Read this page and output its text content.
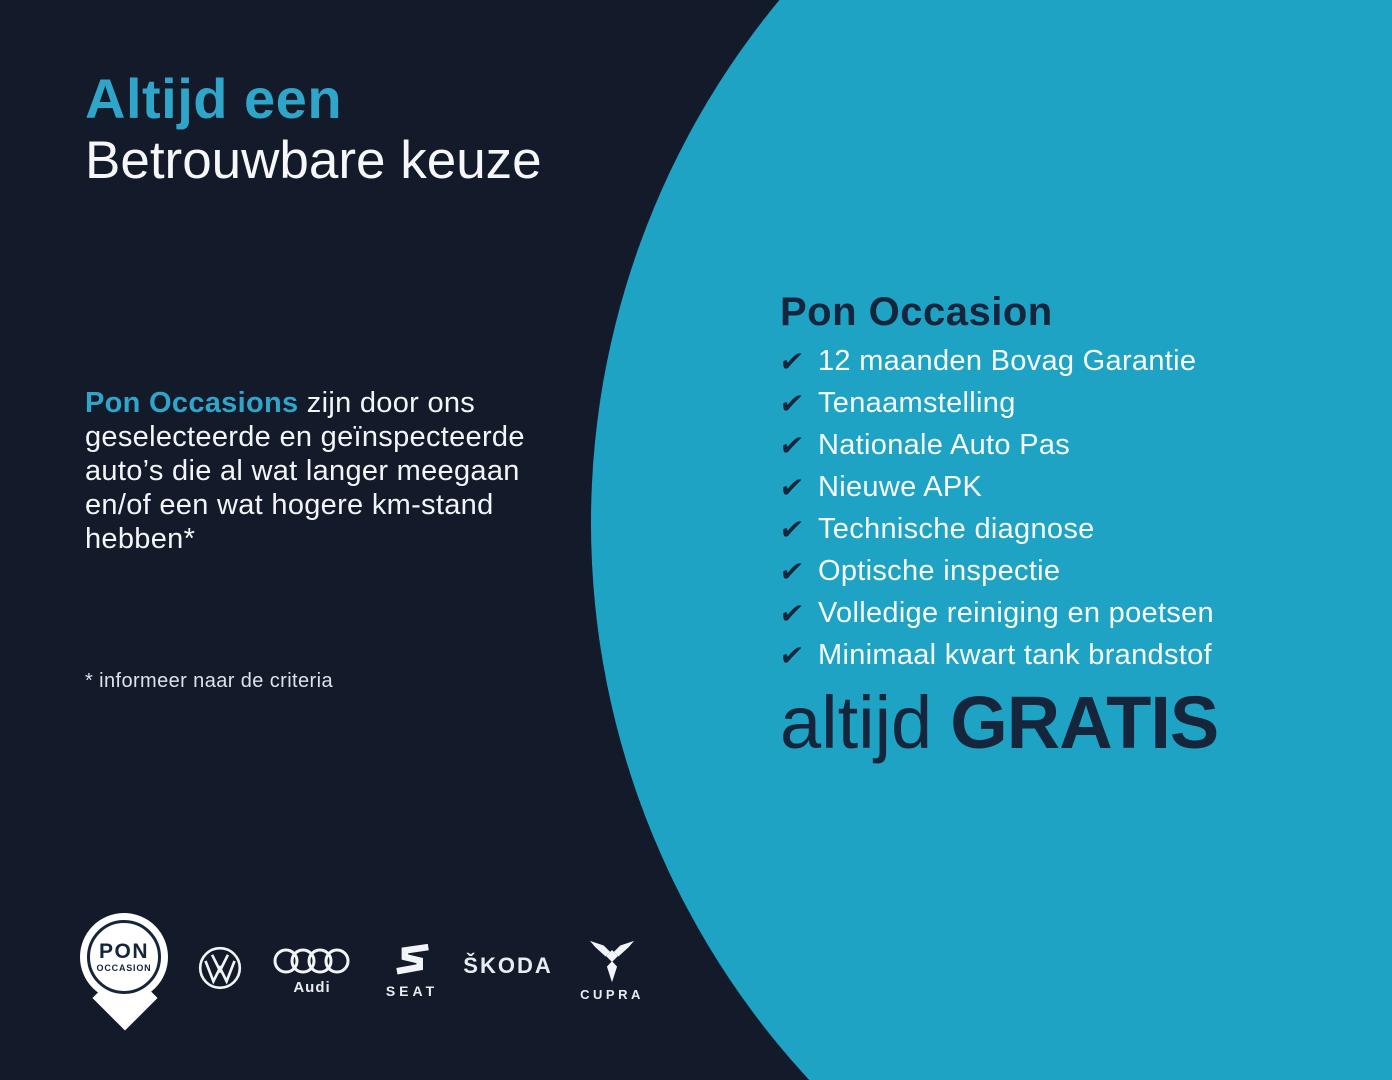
Altijd een
Betrouwbare keuze

Pon Occasions zijn door ons geselecteerde en geïnspecteerde auto’s die al wat langer meegaan en/of een wat hogere km-stand hebben*

* informeer naar de criteria
Pon Occasion
✔ 12 maanden Bovag Garantie
✔ Tenaamstelling
✔ Nationale Auto Pas
✔ Nieuwe APK
✔ Technische diagnose
✔ Optische inspectie
✔ Volledige reiniging en poetsen
✔ Minimaal kwart tank brandstof
altijd GRATIS
PON
OCCASION
Audi	SEAT
ŠKODA
CUPRA
